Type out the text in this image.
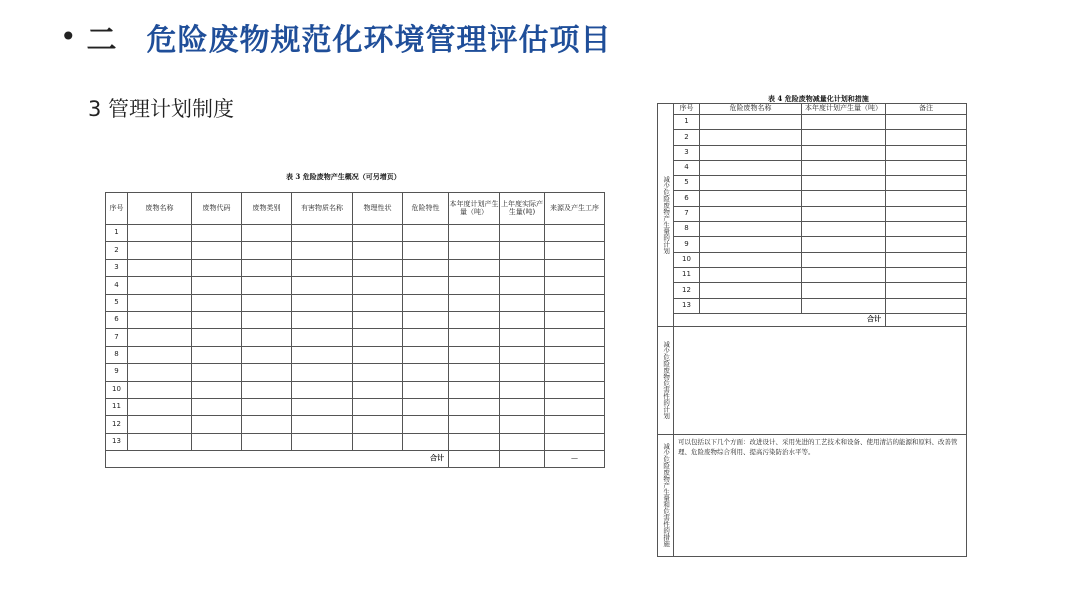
• 二	危险废物规范化环境管理评估项目
3 管理计划制度
表 3 危险废物产生概况（可另增页）
序号	废物名称	废物代码	废物类别	有害物质名称	物理性状	危险特性	本年度计划产生量（吨）	上年度实际产生量(吨)	来源及产生工序
1									
2									
3									
4									
5									
6									
7									
8									
9									
10									
11									
12									
13									
合计									—
表 4 危险废物减量化计划和措施
减少危险废物产生量的计划	序号	危险废物名称	本年度计划产生量（吨）	备注
	1			
	2			
	3			
	4			
	5			
	6			
	7			
	8			
	9			
	10			
	11			
	12			
	13			
	合计			
减少危险废物危害性的计划				
减少危险废物产生量和危害性的措施	可以包括以下几个方面：改进设计、采用先进的工艺技术和设备、使用清洁的能源和原料、改善管理、危险废物综合利用、提高污染防治水平等。			
